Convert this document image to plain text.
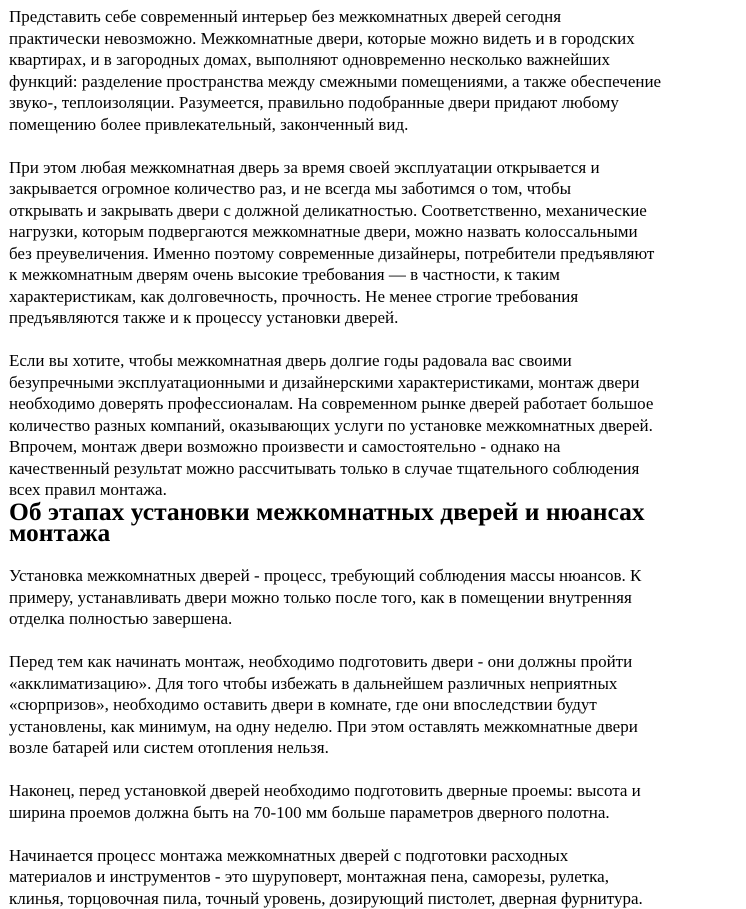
Представить себе современный интерьер без межкомнатных дверей сегодня
практически невозможно. Межкомнатные двери, которые можно видеть и в городских
квартирах, и в загородных домах, выполняют одновременно несколько важнейших
функций: разделение пространства между смежными помещениями, а также обеспечение
звуко-, теплоизоляции. Разумеется, правильно подобранные двери придают любому
помещению более привлекательный, законченный вид.

При этом любая межкомнатная дверь за время своей эксплуатации открывается и
закрывается огромное количество раз, и не всегда мы заботимся о том, чтобы
открывать и закрывать двери с должной деликатностью. Соответственно, механические
нагрузки, которым подвергаются межкомнатные двери, можно назвать колоссальными
без преувеличения. Именно поэтому современные дизайнеры, потребители предъявляют
к межкомнатным дверям очень высокие требования — в частности, к таким
характеристикам, как долговечность, прочность. Не менее строгие требования
предъявляются также и к процессу установки дверей.

Если вы хотите, чтобы межкомнатная дверь долгие годы радовала вас своими
безупречными эксплуатационными и дизайнерскими характеристиками, монтаж двери
необходимо доверять профессионалам. На современном рынке дверей работает большое
количество разных компаний, оказывающих услуги по установке межкомнатных дверей.
Впрочем, монтаж двери возможно произвести и самостоятельно - однако на
качественный результат можно рассчитывать только в случае тщательного соблюдения
всех правил монтажа.

Об этапах установки межкомнатных дверей и нюансах монтажа

Установка межкомнатных дверей - процесс, требующий соблюдения массы нюансов. К
примеру, устанавливать двери можно только после того, как в помещении внутренняя
отделка полностью завершена.

Перед тем как начинать монтаж, необходимо подготовить двери - они должны пройти
«акклиматизацию». Для того чтобы избежать в дальнейшем различных неприятных
«сюрпризов», необходимо оставить двери в комнате, где они впоследствии будут
установлены, как минимум, на одну неделю. При этом оставлять межкомнатные двери
возле батарей или систем отопления нельзя.

Наконец, перед установкой дверей необходимо подготовить дверные проемы: высота и
ширина проемов должна быть на 70-100 мм больше параметров дверного полотна.

Начинается процесс монтажа межкомнатных дверей с подготовки расходных
материалов и инструментов - это шуруповерт, монтажная пена, саморезы, рулетка,
клинья, торцовочная пила, точный уровень, дозирующий пистолет, дверная фурнитура.
